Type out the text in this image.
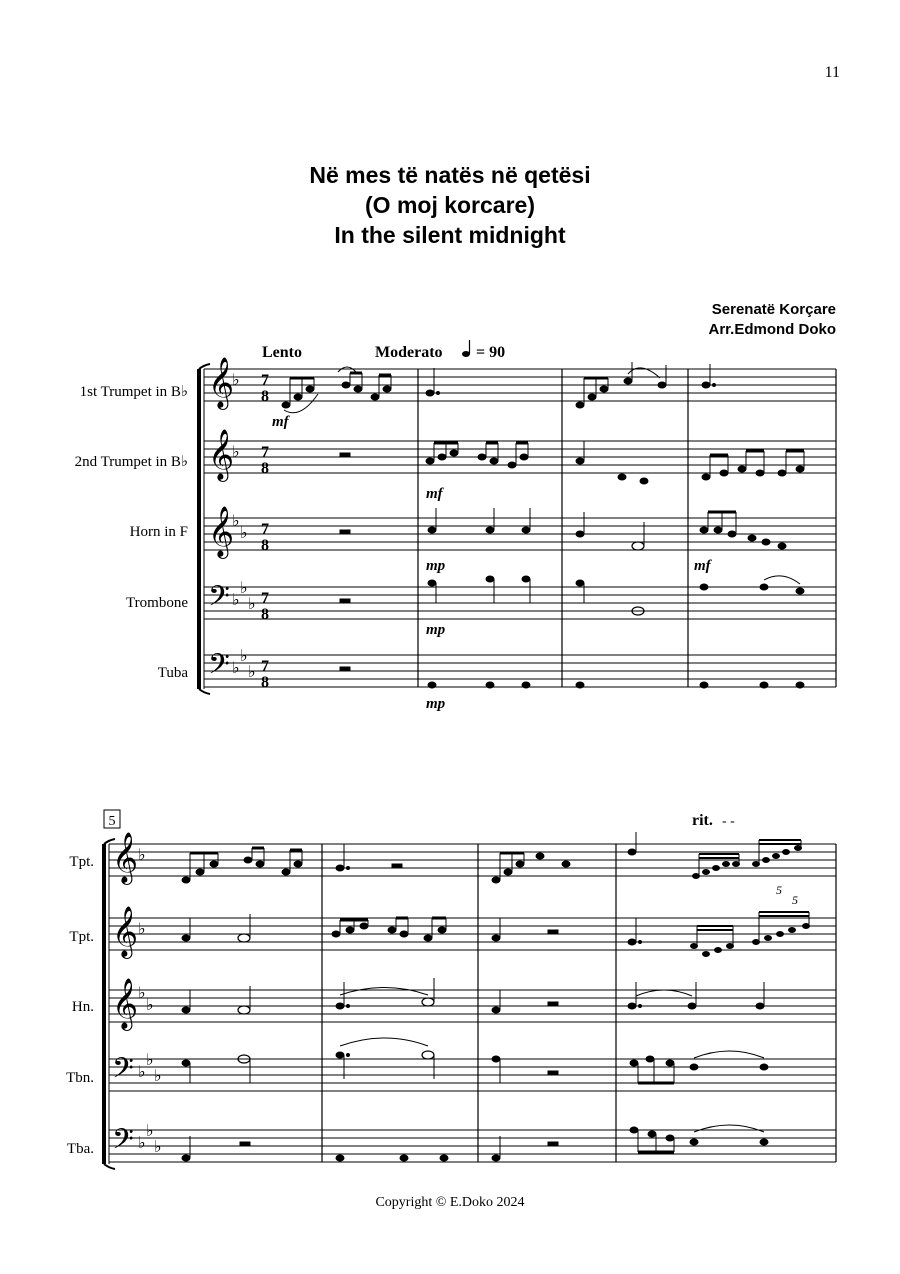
11
Në mes të natës në qetësi
(O moj korcare)
In the silent midnight
Serenatë Korçare
Arr.Edmond Doko
Lento	Moderato = 90
1st Trumpet in B♭
2nd Trumpet in B♭
Horn in F
Trombone
Tuba
𝄞
𝄞
𝄞
𝄢
𝄢
♭
♭
♭
♭
♭
♭
♭
♭
♭
♭
7
8
7
8
7
8
7
8
7
8
mf
mf
mp	mf
mp
mp
5	rit. - -
Tpt.
Tpt.
Hn.
Tbn.
Tba.
𝄞
𝄞
𝄞
𝄢
𝄢
♭
♭
♭
♭
♭
♭
♭
♭
♭
♭
5
5
Copyright © E.Doko 2024
